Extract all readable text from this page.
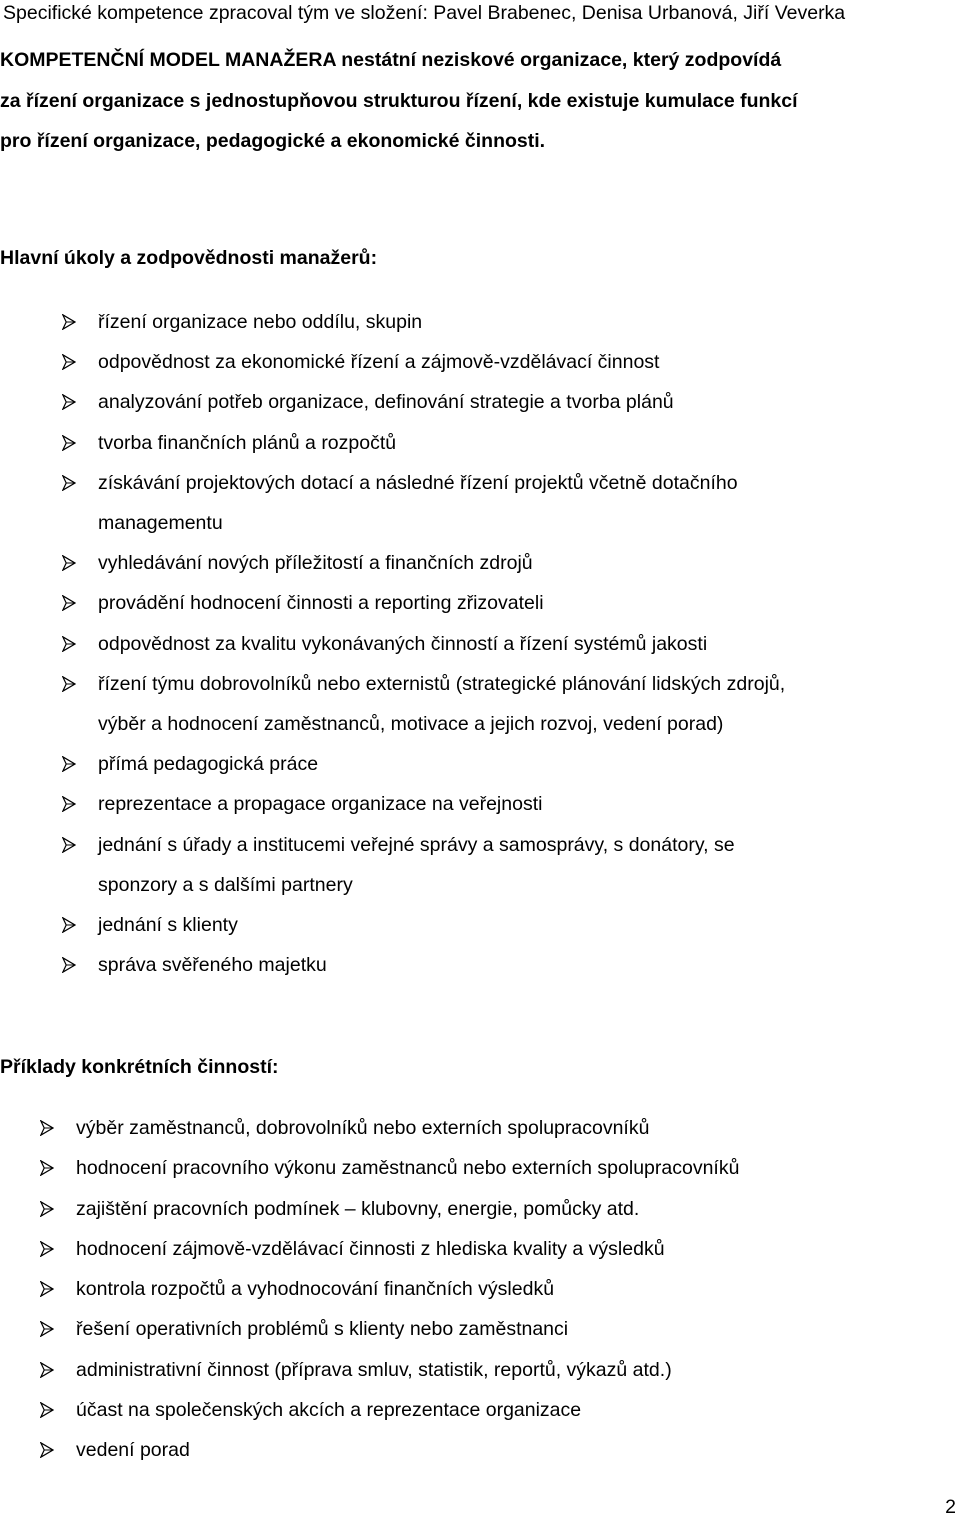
Specifické kompetence zpracoval tým ve složení: Pavel Brabenec, Denisa Urbanová, Jiří Veverka
KOMPETENČNÍ MODEL MANAŽERA nestátní neziskové organizace, který zodpovídá
za řízení organizace s jednostupňovou strukturou řízení, kde existuje kumulace funkcí
pro řízení organizace, pedagogické a ekonomické činnosti.
Hlavní úkoly a zodpovědnosti manažerů:
řízení organizace nebo oddílu, skupin
odpovědnost za ekonomické řízení a zájmově-vzdělávací činnost
analyzování potřeb organizace, definování strategie a tvorba plánů
tvorba finančních plánů a rozpočtů
získávání projektových dotací a následné řízení projektů včetně dotačního
managementu
vyhledávání nových příležitostí a finančních zdrojů
provádění hodnocení činnosti a reporting zřizovateli
odpovědnost za kvalitu vykonávaných činností a řízení systémů jakosti
řízení týmu dobrovolníků nebo externistů (strategické plánování lidských zdrojů,
výběr a hodnocení zaměstnanců, motivace a jejich rozvoj, vedení porad)
přímá pedagogická práce
reprezentace a propagace organizace na veřejnosti
jednání s úřady a institucemi veřejné správy a samosprávy, s donátory, se
sponzory a s dalšími partnery
jednání s klienty
správa svěřeného majetku
Příklady konkrétních činností:
výběr zaměstnanců, dobrovolníků nebo externích spolupracovníků
hodnocení pracovního výkonu zaměstnanců nebo externích spolupracovníků
zajištění pracovních podmínek – klubovny, energie, pomůcky atd.
hodnocení zájmově-vzdělávací činnosti z hlediska kvality a výsledků
kontrola rozpočtů a vyhodnocování finančních výsledků
řešení operativních problémů s klienty nebo zaměstnanci
administrativní činnost (příprava smluv, statistik, reportů, výkazů atd.)
účast na společenských akcích a reprezentace organizace
vedení porad
2
